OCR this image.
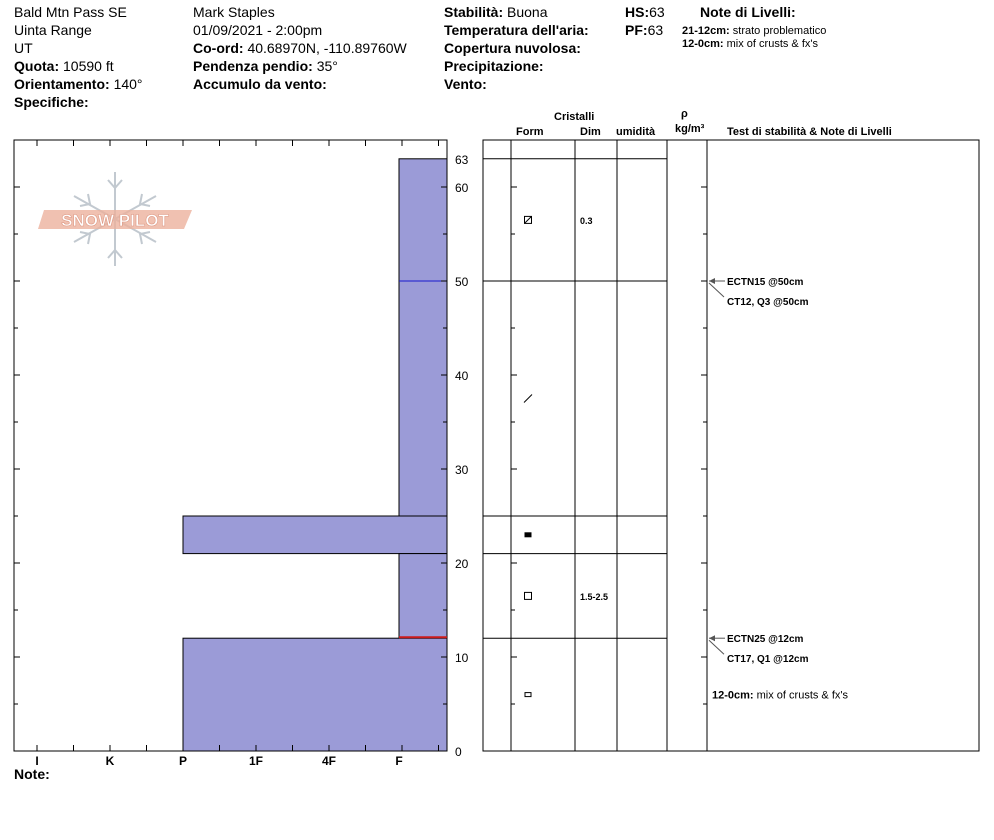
Bald Mtn Pass SE
Uinta Range
UT
Quota: 10590 ft
Orientamento: 140°
Specifiche:
Mark Staples
01/09/2021 - 2:00pm
Co-ord: 40.68970N, -110.89760W
Pendenza pendio: 35°
Accumulo da vento:
Stabilità: Buona
Temperatura dell'aria:
Copertura nuvolosa:
Precipitazione:
Vento:
HS:63
PF:63
Note di Livelli:
21-12cm: strato problematico
12-0cm: mix of crusts & fx's
Cristalli
Form	Dim umidità
ρ
kg/m³ Test di stabilità & Note di Livelli
Note:
SNOW PILOT
0
10
20
30
40
50
60
63
I	K	P	1F	4F	F
0.3
1.5-2.5
ECTN15 @50cm
CT12, Q3 @50cm
ECTN25 @12cm
CT17, Q1 @12cm
12-0cm: mix of crusts & fx's
